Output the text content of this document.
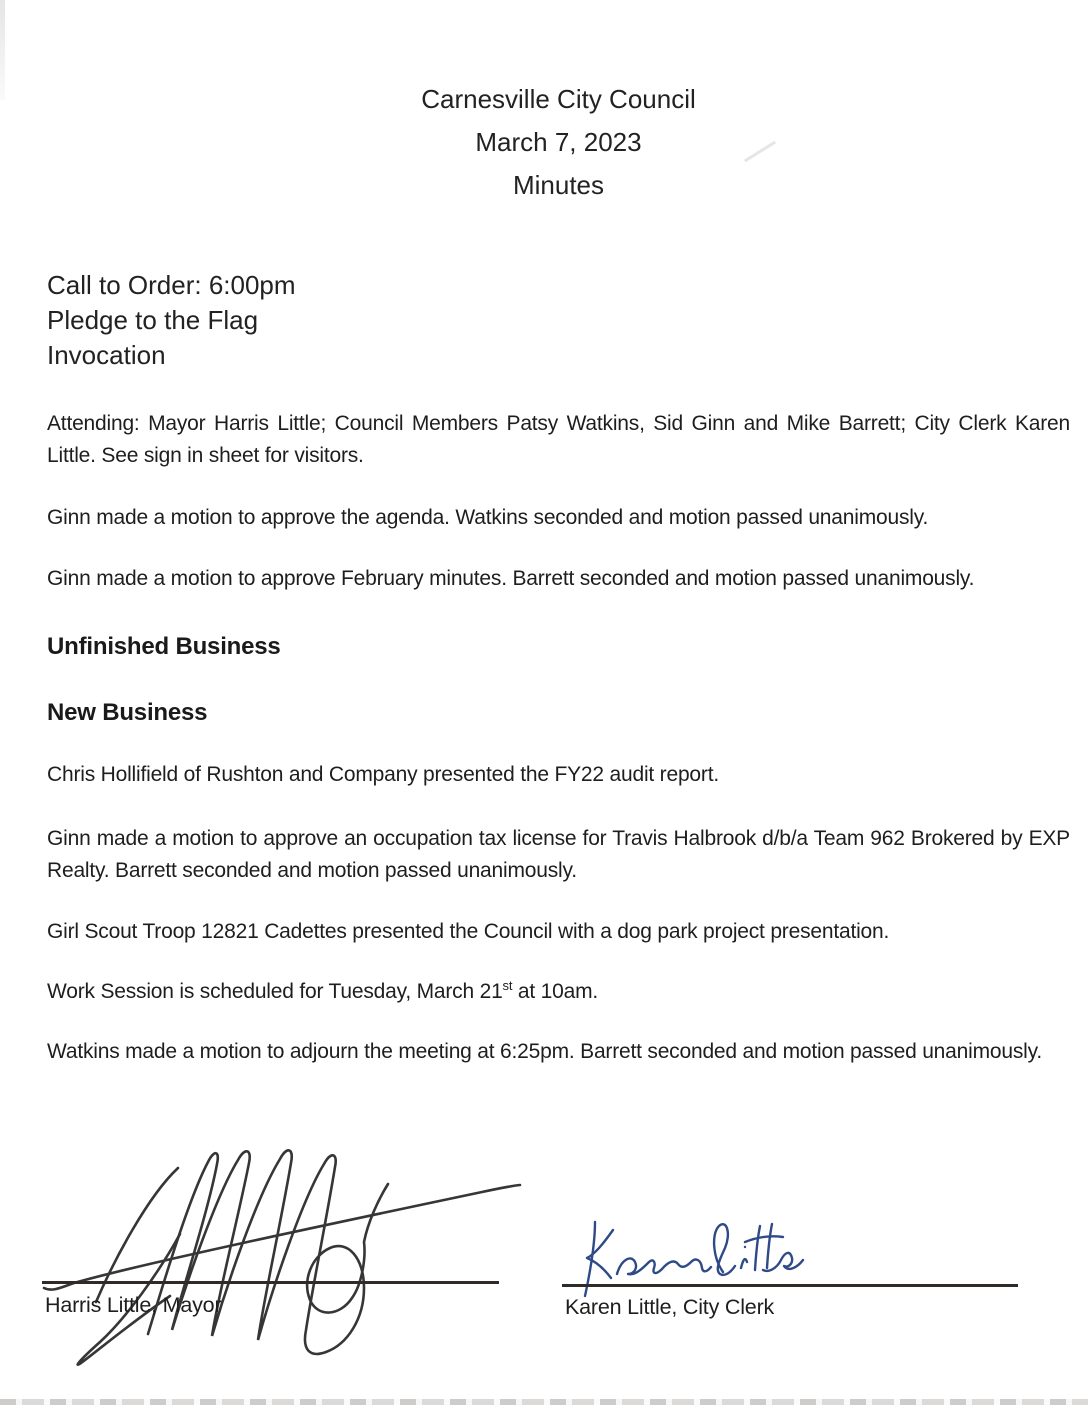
Carnesville City Council
March 7, 2023
Minutes
Call to Order: 6:00pm
Pledge to the Flag
Invocation

Attending: Mayor Harris Little; Council Members Patsy Watkins, Sid Ginn and Mike Barrett; City Clerk Karen Little. See sign in sheet for visitors.

Ginn made a motion to approve the agenda. Watkins seconded and motion passed unanimously.

Ginn made a motion to approve February minutes. Barrett seconded and motion passed unanimously.

Unfinished Business

New Business

Chris Hollifield of Rushton and Company presented the FY22 audit report.

Ginn made a motion to approve an occupation tax license for Travis Halbrook d/b/a Team 962 Brokered by EXP Realty. Barrett seconded and motion passed unanimously.

Girl Scout Troop 12821 Cadettes presented the Council with a dog park project presentation.

Work Session is scheduled for Tuesday, March 21st at 10am.

Watkins made a motion to adjourn the meeting at 6:25pm. Barrett seconded and motion passed unanimously.

Harris Little, Mayor	Karen Little, City Clerk
